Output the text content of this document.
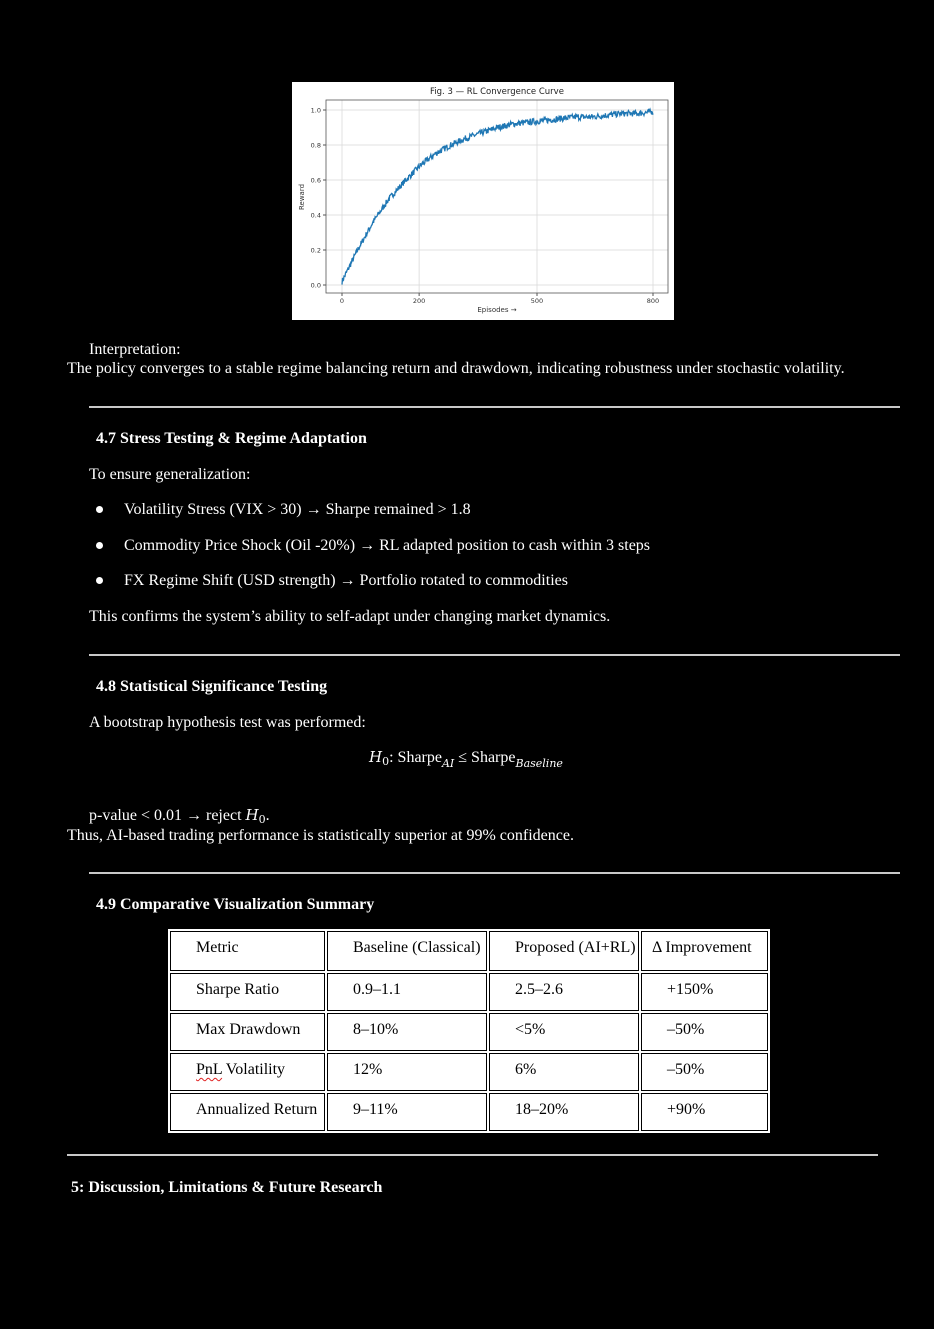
Fig. 3 — RL Convergence Curve
0.0
0.2
0.4
0.6
0.8
1.0
0	200	500	800
Reward
Episodes →
Interpretation:
The policy converges to a stable regime balancing return and drawdown, indicating robustness under stochastic volatility.
4.7 Stress Testing & Regime Adaptation
To ensure generalization:
Volatility Stress (VIX > 30) → Sharpe remained > 1.8
Commodity Price Shock (Oil -20%) → RL adapted position to cash within 3 steps
FX Regime Shift (USD strength) → Portfolio rotated to commodities
This confirms the system’s ability to self-adapt under changing market dynamics.
4.8 Statistical Significance Testing
A bootstrap hypothesis test was performed:
H0: Sharpe$_{AI}$ ≤ Sharpe$_{Baseline}$
p-value < 0.01 → reject H0.
Thus, AI-based trading performance is statistically superior at 99% confidence.
4.9 Comparative Visualization Summary
Metric	Baseline (Classical)	Proposed (AI+RL)	Δ Improvement
Sharpe Ratio	0.9–1.1	2.5–2.6	+150%
Max Drawdown	8–10%	<5%	–50%
PnL Volatility	12%	6%	–50%
Annualized Return	9–11%	18–20%	+90%
5: Discussion, Limitations & Future Research
